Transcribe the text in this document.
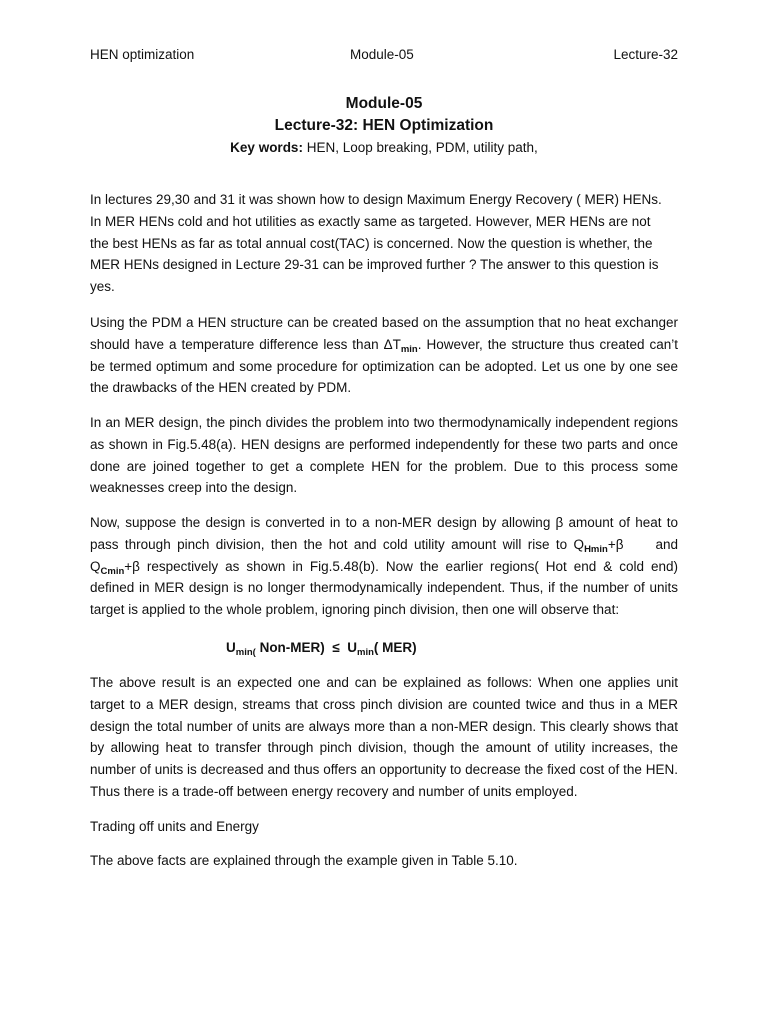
HEN optimization	Module-05	Lecture-32
Module-05
Lecture-32: HEN Optimization
Key words: HEN, Loop breaking, PDM, utility path,
In lectures 29,30 and 31 it was shown how to design Maximum Energy Recovery ( MER) HENs.
In MER HENs cold and hot utilities as exactly same as targeted. However, MER HENs are not
the best HENs as far as total annual cost(TAC) is concerned. Now the question is whether, the
MER HENs designed in Lecture 29-31 can be improved further ? The answer to this question is
yes.
Using the PDM a HEN structure can be created based on the assumption that no heat exchanger should have a temperature difference less than $\Delta T_{min}$. However, the structure thus created can’t be termed optimum and some procedure for optimization can be adopted. Let us one by one see the drawbacks of the HEN created by PDM.
In an MER design, the pinch divides the problem into two thermodynamically independent regions as shown in Fig.5.48(a). HEN designs are performed independently for these two parts and once done are joined together to get a complete HEN for the problem. Due to this process some weaknesses creep into the design.
Now, suppose the design is converted in to a non-MER design by allowing β amount of heat to pass through pinch division, then the hot and cold utility amount will rise to $Q_{Hmin}+\beta$ and $Q_{Cmin}+\beta$ respectively as shown in Fig.5.48(b). Now the earlier regions( Hot end & cold end) defined in MER design is no longer thermodynamically independent. Thus, if the number of units target is applied to the whole problem, ignoring pinch division, then one will observe that:
$U_{min(}$ $Non-MER) \le U_{min}$( MER)
The above result is an expected one and can be explained as follows: When one applies unit target to a MER design, streams that cross pinch division are counted twice and thus in a MER design the total number of units are always more than a non-MER design. This clearly shows that by allowing heat to transfer through pinch division, though the amount of utility increases, the number of units is decreased and thus offers an opportunity to decrease the fixed cost of the HEN. Thus there is a trade-off between energy recovery and number of units employed.
Trading off units and Energy
The above facts are explained through the example given in Table 5.10.
